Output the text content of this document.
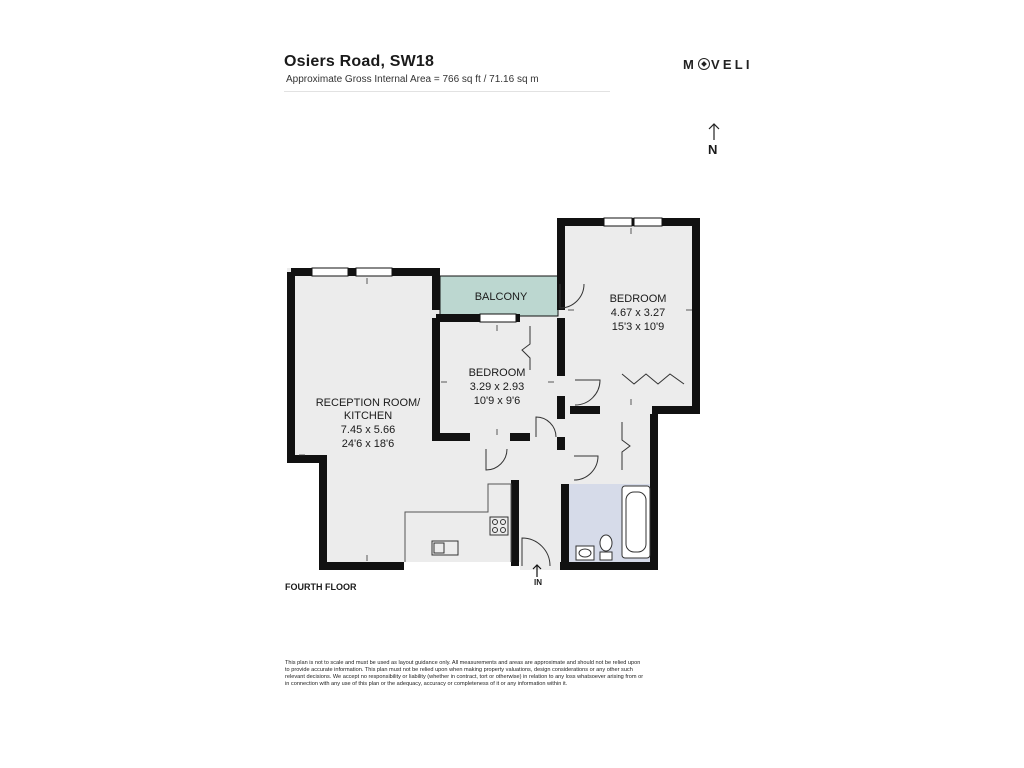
Osiers Road, SW18
Approximate Gross Internal Area = 766 sq ft / 71.16 sq m
M VELI
N
BALCONY
RECEPTION ROOM/
KITCHEN
7.45 x 5.66
24'6 x 18'6
BEDROOM
3.29 x 2.93
10'9 x 9'6
BEDROOM
4.67 x 3.27
15'3 x 10'9
FOURTH FLOOR	IN
This plan is not to scale and must be used as layout guidance only. All measurements and areas are approximate and should not be relied upon to provide accurate information. This plan must not be relied upon when making property valuations, design considerations or any other such relevant decisions. We accept no responsibility or liability (whether in contract, tort or otherwise) in relation to any loss whatsoever arising from or in connection with any use of this plan or the adequacy, accuracy or completeness of it or any information within it.
